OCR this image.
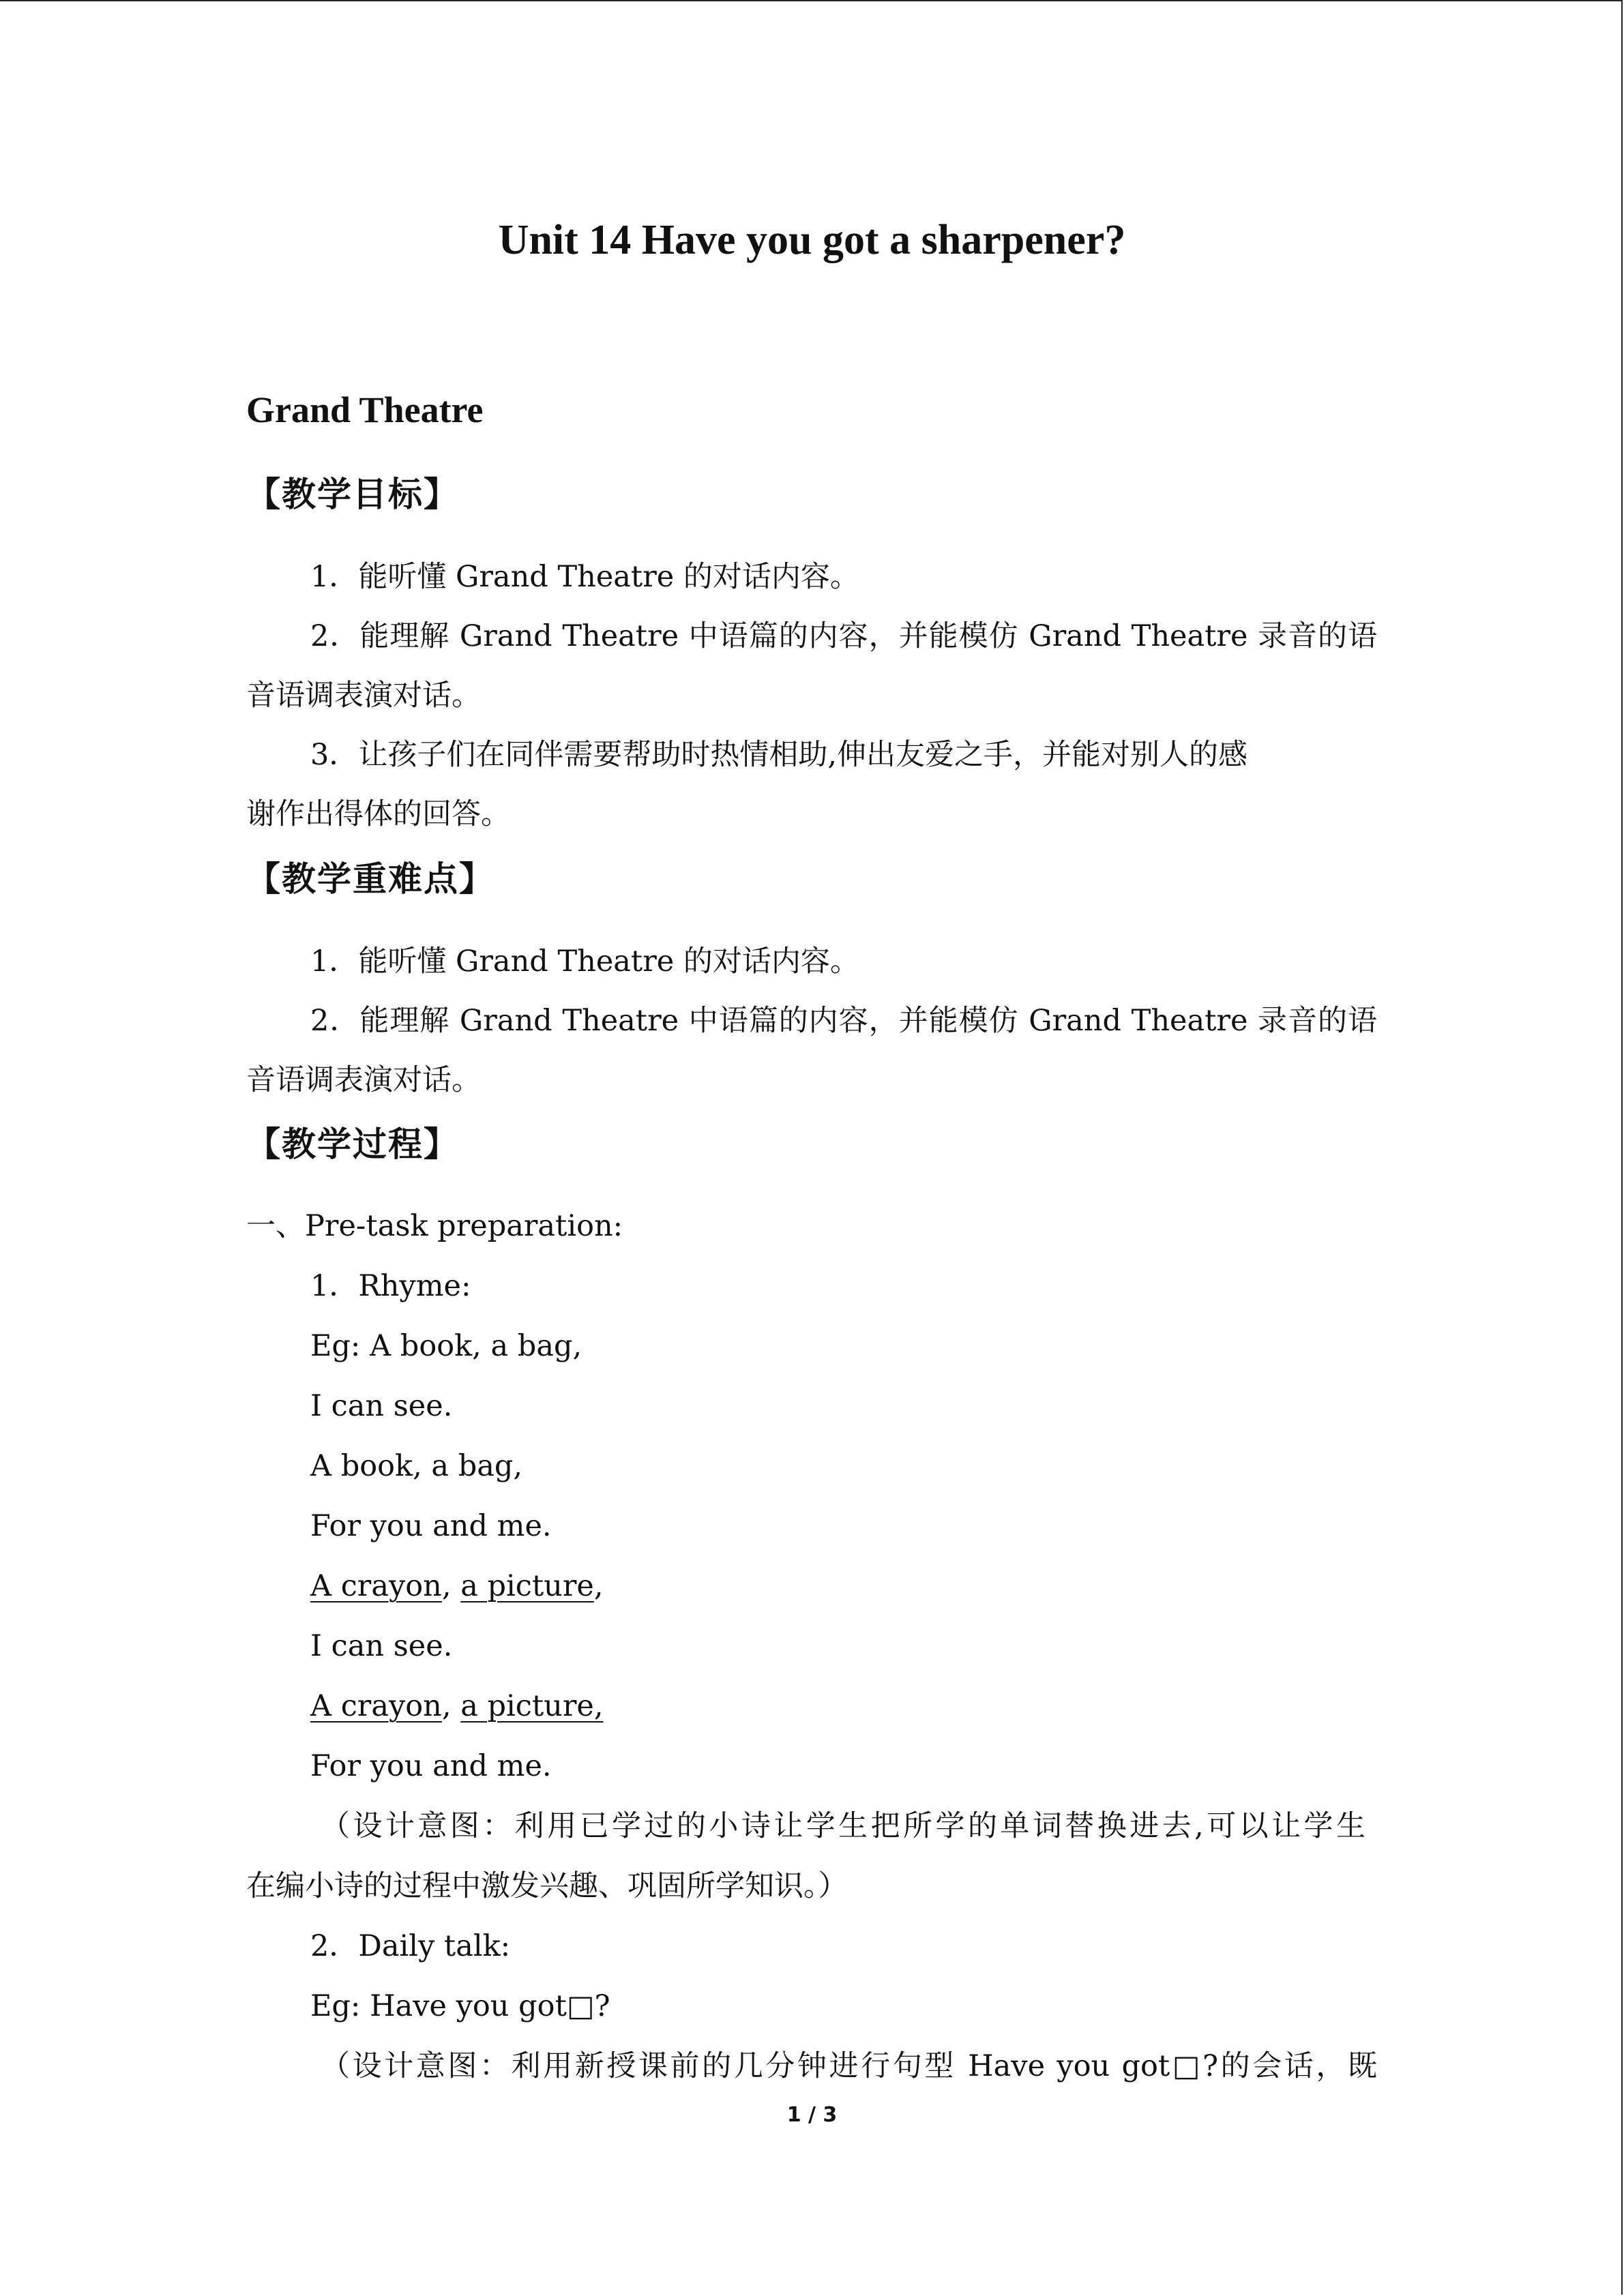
Unit 14 Have you got a sharpener?
Grand Theatre
【教学目标】
1．能听懂 Grand Theatre 的对话内容。
2．能理解 Grand Theatre 中语篇的内容，并能模仿 Grand Theatre 录音的语
音语调表演对话。
3．让孩子们在同伴需要帮助时热情相助,伸出友爱之手，并能对别人的感
谢作出得体的回答。
【教学重难点】
1．能听懂 Grand Theatre 的对话内容。
2．能理解 Grand Theatre 中语篇的内容，并能模仿 Grand Theatre 录音的语
音语调表演对话。
【教学过程】
一、Pre-task preparation:
1．Rhyme:
Eg: A book, a bag,
I can see.
A book, a bag,
For you and me.
A crayon, a picture,
I can see.
A crayon, a picture,
For you and me.
（设计意图：利用已学过的小诗让学生把所学的单词替换进去,可以让学生
在编小诗的过程中激发兴趣、巩固所学知识。）
2．Daily talk:
Eg: Have you got□?
（设计意图：利用新授课前的几分钟进行句型 Have you got□?的会话，既
1 / 3
